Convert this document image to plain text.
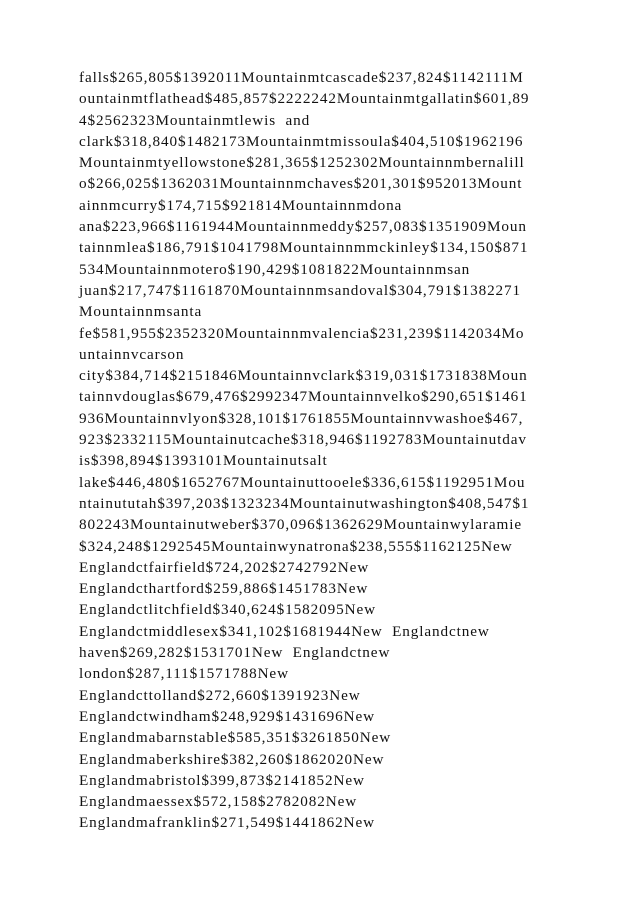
falls$265,805$1392011Mountainmtcascade$237,824$1142111M
ountainmtflathead$485,857$2222242Mountainmtgallatin$601,89
4$2562323Mountainmtlewis  and
clark$318,840$1482173Mountainmtmissoula$404,510$1962196
Mountainmtyellowstone$281,365$1252302Mountainnmbernalill
o$266,025$1362031Mountainnmchaves$201,301$952013Mount
ainnmcurry$174,715$921814Mountainnmdona
ana$223,966$1161944Mountainnmeddy$257,083$1351909Moun
tainnmlea$186,791$1041798Mountainnmmckinley$134,150$871
534Mountainnmotero$190,429$1081822Mountainnmsan
juan$217,747$1161870Mountainnmsandoval$304,791$1382271
Mountainnmsanta
fe$581,955$2352320Mountainnmvalencia$231,239$1142034Mo
untainnvcarson
city$384,714$2151846Mountainnvclark$319,031$1731838Moun
tainnvdouglas$679,476$2992347Mountainnvelko$290,651$1461
936Mountainnvlyon$328,101$1761855Mountainnvwashoe$467,
923$2332115Mountainutcache$318,946$1192783Mountainutdav
is$398,894$1393101Mountainutsalt
lake$446,480$1652767Mountainuttooele$336,615$1192951Mou
ntainututah$397,203$1323234Mountainutwashington$408,547$1
802243Mountainutweber$370,096$1362629Mountainwylaramie
$324,248$1292545Mountainwynatrona$238,555$1162125New
Englandctfairfield$724,202$2742792New
Englandcthartford$259,886$1451783New
Englandctlitchfield$340,624$1582095New
Englandctmiddlesex$341,102$1681944New  Englandctnew
haven$269,282$1531701New  Englandctnew
london$287,111$1571788New
Englandcttolland$272,660$1391923New
Englandctwindham$248,929$1431696New
Englandmabarnstable$585,351$3261850New
Englandmaberkshire$382,260$1862020New
Englandmabristol$399,873$2141852New
Englandmaessex$572,158$2782082New
Englandmafranklin$271,549$1441862New
